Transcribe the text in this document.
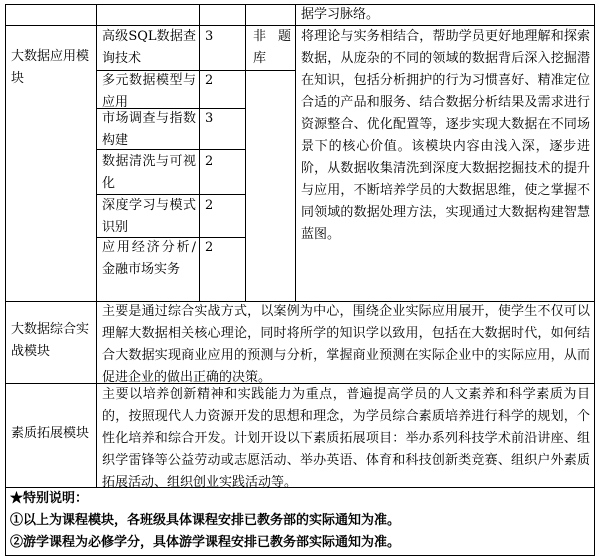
据学习脉络。
大数据应用模块
高级SQL数据查询技术
3	非题库
多元数据模型与应用
2
市场调查与指数构建
3
数据清洗与可视化
2
深度学习与模式识别
2
应用经济分析/金融市场实务
2
将理论与实务相结合，帮助学员更好地理解和探索数据，从庞杂的不同的领域的数据背后深入挖掘潜在知识，包括分析拥护的行为习惯喜好、精准定位合适的产品和服务、结合数据分析结果及需求进行资源整合、优化配置等，逐步实现大数据在不同场景下的核心价值。该模块内容由浅入深，逐步进阶，从数据收集清洗到深度大数据挖掘技术的提升与应用，不断培养学员的大数据思维，使之掌握不同领域的数据处理方法，实现通过大数据构建智慧蓝图。
大数据综合实战模块
主要是通过综合实战方式，以案例为中心，围绕企业实际应用展开，使学生不仅可以理解大数据相关核心理论，同时将所学的知识学以致用，包括在大数据时代，如何结合大数据实现商业应用的预测与分析，掌握商业预测在实际企业中的实际应用，从而促进企业的做出正确的决策。
素质拓展模块
主要以培养创新精神和实践能力为重点，普遍提高学员的人文素养和科学素质为目的，按照现代人力资源开发的思想和理念，为学员综合素质培养进行科学的规划，个性化培养和综合开发。计划开设以下素质拓展项目：举办系列科技学术前沿讲座、组织学雷锋等公益劳动或志愿活动、举办英语、体育和科技创新类竞赛、组织户外素质拓展活动、组织创业实践活动等。
★特别说明：
①以上为课程模块，各班级具体课程安排已教务部的实际通知为准。
②游学课程为必修学分，具体游学课程安排已教务部实际通知为准。
